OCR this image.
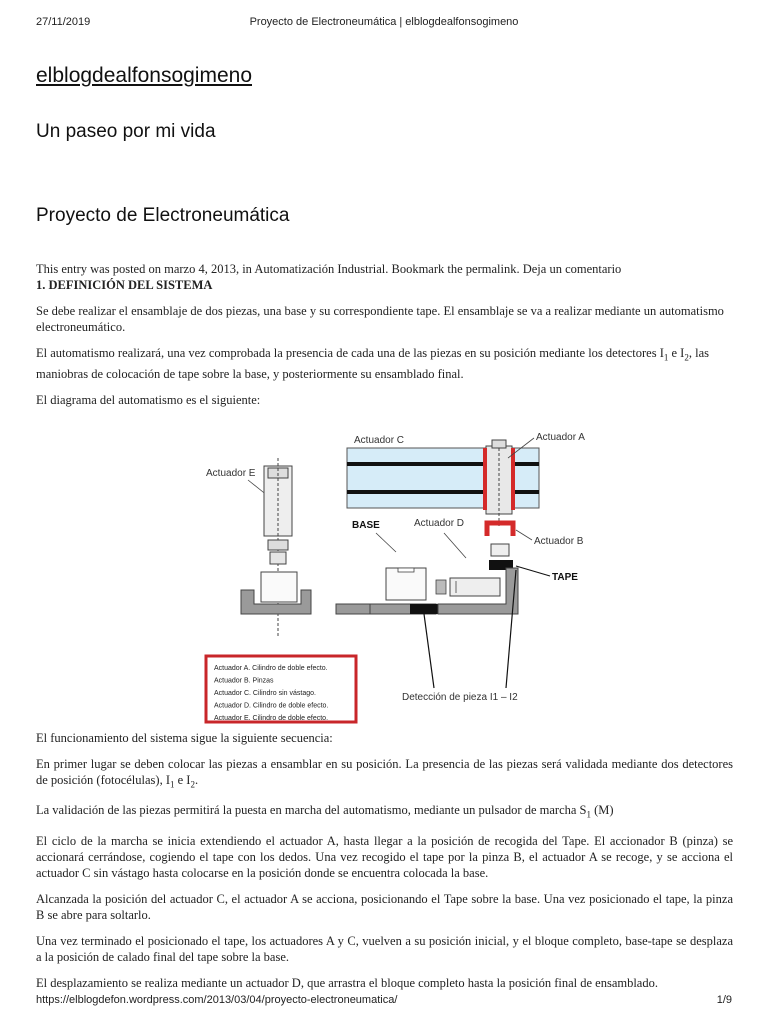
27/11/2019	Proyecto de Electroneumática | elblogdealfonsogimeno
elblogdealfonsogimeno
Un paseo por mi vida
Proyecto de Electroneumática

This entry was posted on marzo 4, 2013, in Automatización Industrial. Bookmark the permalink. Deja un comentario

1. DEFINICIÓN DEL SISTEMA

Se debe realizar el ensamblaje de dos piezas, una base y su correspondiente tape. El ensamblaje se va a realizar mediante un automatismo electroneumático.

El automatismo realizará, una vez comprobada la presencia de cada una de las piezas en su posición mediante los detectores $I_1$ e $I_2$, las maniobras de colocación de tape sobre la base, y posteriormente su ensamblado final.

El diagrama del automatismo es el siguiente:

Actuador C	Actuador A
Actuador B
TAPE
Actuador E
BASE	Actuador D
Detección de pieza I1 – I2
Actuador A. Cilindro de doble efecto.
Actuador B. Pinzas
Actuador C. Cilindro sin vástago.
Actuador D. Cilindro de doble efecto.
Actuador E. Cilindro de doble efecto.

El funcionamiento del sistema sigue la siguiente secuencia:

En primer lugar se deben colocar las piezas a ensamblar en su posición. La presencia de las piezas será validada mediante dos detectores de posición (fotocélulas), $I_1$ e $I_2$.

La validación de las piezas permitirá la puesta en marcha del automatismo, mediante un pulsador de marcha $S_1$ (M)

El ciclo de la marcha se inicia extendiendo el actuador A, hasta llegar a la posición de recogida del Tape. El accionador B (pinza) se accionará cerrándose, cogiendo el tape con los dedos. Una vez recogido el tape por la pinza B, el actuador A se recoge, y se acciona el actuador C sin vástago hasta colocarse en la posición donde se encuentra colocada la base.

Alcanzada la posición del actuador C, el actuador A se acciona, posicionando el Tape sobre la base. Una vez posicionado el tape, la pinza B se abre para soltarlo.

Una vez terminado el posicionado el tape, los actuadores A y C, vuelven a su posición inicial, y el bloque completo, base-tape se desplaza a la posición de calado final del tape sobre la base.

El desplazamiento se realiza mediante un actuador D, que arrastra el bloque completo hasta la posición final de ensamblado.

https://elblogdefon.wordpress.com/2013/03/04/proyecto-electroneumatica/	1/9
